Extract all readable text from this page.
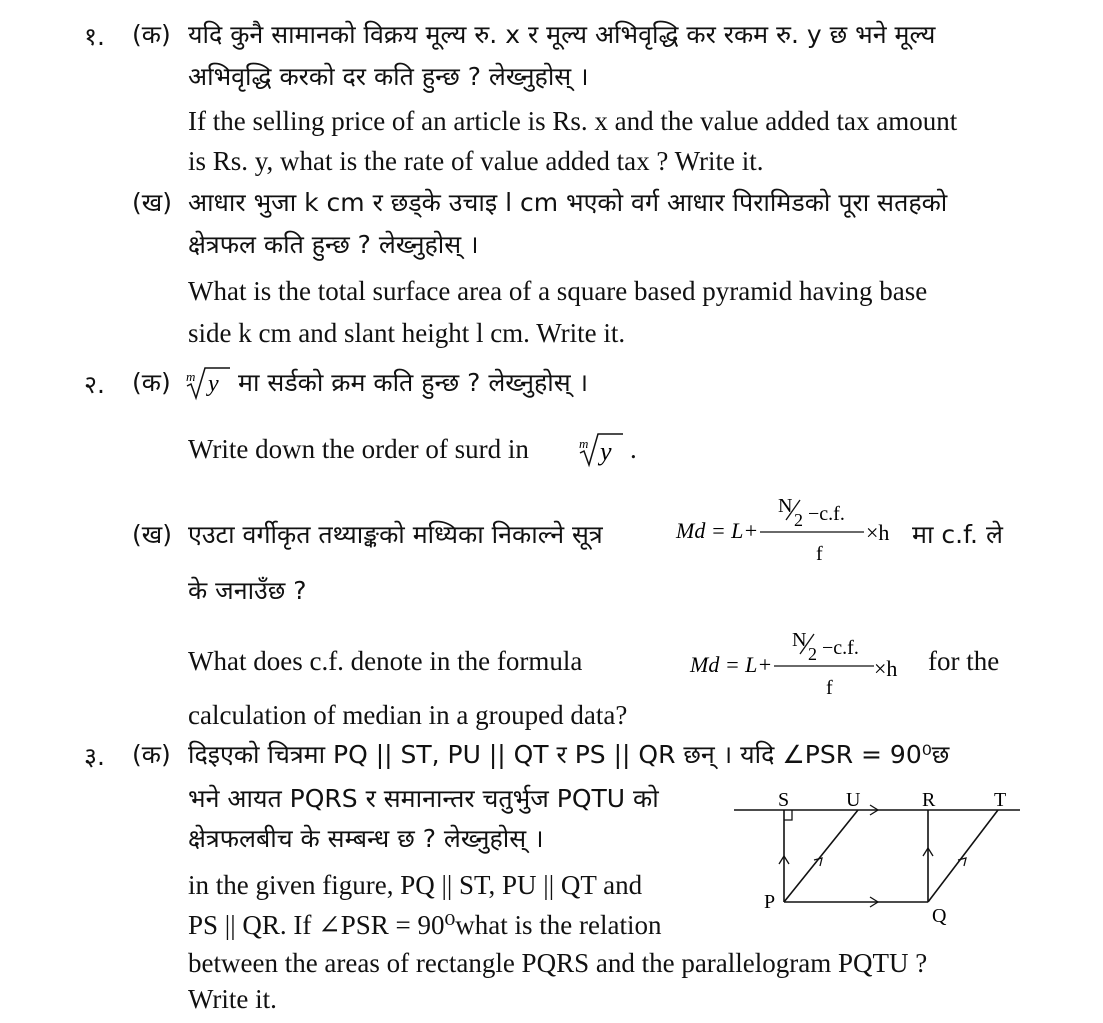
१. (क) यदि कुनै सामानको विक्रय मूल्य रु. x र मूल्य अभिवृद्धि कर रकम रु. y छ भने मूल्य
अभिवृद्धि करको दर कति हुन्छ ? लेख्नुहोस् ।
If the selling price of an article is Rs. x and the value added tax amount
is Rs. y, what is the rate of value added tax ? Write it.
(ख) आधार भुजा k cm र छड्के उचाइ l cm भएको वर्ग आधार पिरामिडको पूरा सतहको
क्षेत्रफल कति हुन्छ ? लेख्नुहोस् ।
What is the total surface area of a square based pyramid having base
side k cm and slant height l cm. Write it.
२. (क) m y मा सर्डको क्रम कति हुन्छ ? लेख्नुहोस् ।
Write down the order of surd in	m y .
(ख) एउटा वर्गीकृत तथ्याङ्कको मध्यिका निकाल्ने सूत्र	Md = L+
N
2 −c.f.
f
×h मा c.f. ले
के जनाउँछ ?
What does c.f. denote in the formula	Md = L+
N
2 −c.f.
f
×h for the
calculation of median in a grouped data?
३. (क) दिइएको चित्रमा PQ || ST, PU || QT र PS || QR छन् । यदि ∠PSR = 90⁰छ
भने आयत PQRS र समानान्तर चतुर्भुज PQTU को
क्षेत्रफलबीच के सम्बन्ध छ ? लेख्नुहोस् ।
in the given figure, PQ || ST, PU || QT and
PS || QR. If ∠PSR = 90⁰what is the relation
between the areas of rectangle PQRS and the parallelogram PQTU ?
Write it.
S	U	R	T
P
Q
